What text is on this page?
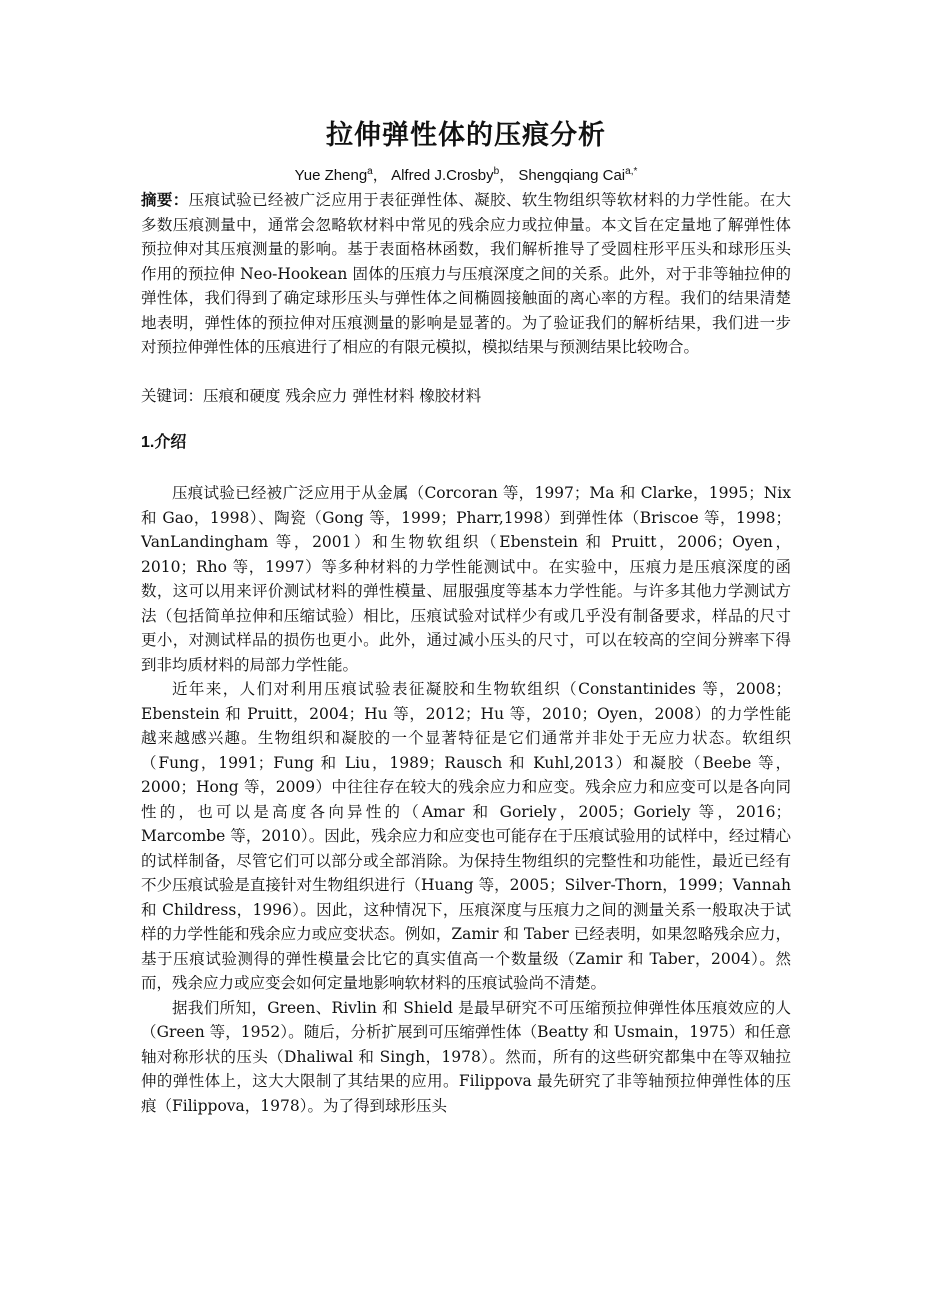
拉伸弹性体的压痕分析
Yue Zheng$^a$， Alfred J.Crosby$^b$， Shengqiang Cai$^{a,*}$

摘要：压痕试验已经被广泛应用于表征弹性体、凝胶、软生物组织等软材料的力学性能。在大多数压痕测量中，通常会忽略软材料中常见的残余应力或拉伸量。本文旨在定量地了解弹性体预拉伸对其压痕测量的影响。基于表面格林函数，我们解析推导了受圆柱形平压头和球形压头作用的预拉伸 Neo-Hookean 固体的压痕力与压痕深度之间的关系。此外，对于非等轴拉伸的弹性体，我们得到了确定球形压头与弹性体之间椭圆接触面的离心率的方程。我们的结果清楚地表明，弹性体的预拉伸对压痕测量的影响是显著的。为了验证我们的解析结果，我们进一步对预拉伸弹性体的压痕进行了相应的有限元模拟，模拟结果与预测结果比较吻合。

关键词：压痕和硬度 残余应力 弹性材料 橡胶材料

1.介绍

压痕试验已经被广泛应用于从金属（Corcoran 等，1997；Ma 和 Clarke，1995；Nix 和 Gao，1998）、陶瓷（Gong 等，1999；Pharr,1998）到弹性体（Briscoe 等，1998；VanLandingham 等，2001）和生物软组织（Ebenstein 和 Pruitt，2006；Oyen，2010；Rho 等，1997）等多种材料的力学性能测试中。在实验中，压痕力是压痕深度的函数，这可以用来评价测试材料的弹性模量、屈服强度等基本力学性能。与许多其他力学测试方法（包括简单拉伸和压缩试验）相比，压痕试验对试样少有或几乎没有制备要求，样品的尺寸更小，对测试样品的损伤也更小。此外，通过减小压头的尺寸，可以在较高的空间分辨率下得到非均质材料的局部力学性能。

近年来，人们对利用压痕试验表征凝胶和生物软组织（Constantinides 等，2008；Ebenstein 和 Pruitt，2004；Hu 等，2012；Hu 等，2010；Oyen，2008）的力学性能越来越感兴趣。生物组织和凝胶的一个显著特征是它们通常并非处于无应力状态。软组织（Fung，1991；Fung 和 Liu，1989；Rausch 和 Kuhl,2013）和凝胶（Beebe 等，2000；Hong 等，2009）中往往存在较大的残余应力和应变。残余应力和应变可以是各向同性的，也可以是高度各向异性的（Amar 和 Goriely，2005；Goriely 等，2016；Marcombe 等，2010）。因此，残余应力和应变也可能存在于压痕试验用的试样中，经过精心的试样制备，尽管它们可以部分或全部消除。为保持生物组织的完整性和功能性，最近已经有不少压痕试验是直接针对生物组织进行（Huang 等，2005；Silver-Thorn，1999；Vannah 和 Childress，1996）。因此，这种情况下，压痕深度与压痕力之间的测量关系一般取决于试样的力学性能和残余应力或应变状态。例如，Zamir 和 Taber 已经表明，如果忽略残余应力，基于压痕试验测得的弹性模量会比它的真实值高一个数量级（Zamir 和 Taber，2004）。然而，残余应力或应变会如何定量地影响软材料的压痕试验尚不清楚。

据我们所知，Green、Rivlin 和 Shield 是最早研究不可压缩预拉伸弹性体压痕效应的人（Green 等，1952）。随后，分析扩展到可压缩弹性体（Beatty 和 Usmain，1975）和任意轴对称形状的压头（Dhaliwal 和 Singh，1978）。然而，所有的这些研究都集中在等双轴拉伸的弹性体上，这大大限制了其结果的应用。Filippova 最先研究了非等轴预拉伸弹性体的压痕（Filippova，1978）。为了得到球形压头
